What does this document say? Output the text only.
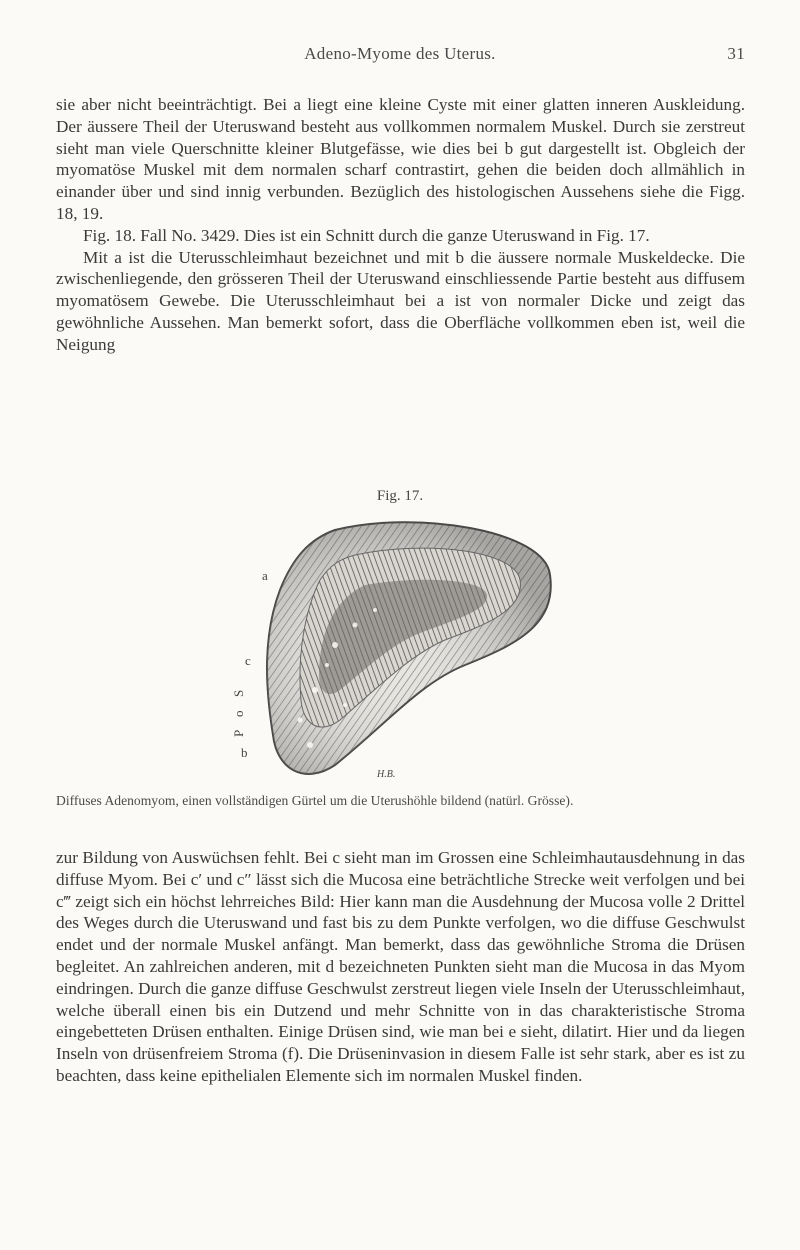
Adeno-Myome des Uterus.	31

sie aber nicht beeinträchtigt. Bei a liegt eine kleine Cyste mit einer glatten inneren Auskleidung. Der äussere Theil der Uteruswand besteht aus vollkommen normalem Muskel. Durch sie zerstreut sieht man viele Querschnitte kleiner Blutgefässe, wie dies bei b gut dargestellt ist. Obgleich der myomatöse Muskel mit dem normalen scharf contrastirt, gehen die beiden doch allmählich in einander über und sind innig verbunden. Bezüglich des histologischen Aussehens siehe die Figg. 18, 19.

Fig. 18. Fall No. 3429. Dies ist ein Schnitt durch die ganze Uteruswand in Fig. 17.

Mit a ist die Uterusschleimhaut bezeichnet und mit b die äussere normale Muskeldecke. Die zwischenliegende, den grösseren Theil der Uteruswand einschliessende Partie besteht aus diffusem myomatösem Gewebe. Die Uterusschleimhaut bei a ist von normaler Dicke und zeigt das gewöhnliche Aussehen. Man bemerkt sofort, dass die Oberfläche vollkommen eben ist, weil die Neigung

Fig. 17.
a
c
S
o
P
b
H.B.
Diffuses Adenomyom, einen vollständigen Gürtel um die Uterushöhle bildend (natürl. Grösse).

zur Bildung von Auswüchsen fehlt. Bei c sieht man im Grossen eine Schleimhautausdehnung in das diffuse Myom. Bei c′ und c″ lässt sich die Mucosa eine beträchtliche Strecke weit verfolgen und bei c‴ zeigt sich ein höchst lehrreiches Bild: Hier kann man die Ausdehnung der Mucosa volle 2 Drittel des Weges durch die Uteruswand und fast bis zu dem Punkte verfolgen, wo die diffuse Geschwulst endet und der normale Muskel anfängt. Man bemerkt, dass das gewöhnliche Stroma die Drüsen begleitet. An zahlreichen anderen, mit d bezeichneten Punkten sieht man die Mucosa in das Myom eindringen. Durch die ganze diffuse Geschwulst zerstreut liegen viele Inseln der Uterusschleimhaut, welche überall einen bis ein Dutzend und mehr Schnitte von in das charakteristische Stroma eingebetteten Drüsen enthalten. Einige Drüsen sind, wie man bei e sieht, dilatirt. Hier und da liegen Inseln von drüsenfreiem Stroma (f). Die Drüseninvasion in diesem Falle ist sehr stark, aber es ist zu beachten, dass keine epithelialen Elemente sich im normalen Muskel finden.
